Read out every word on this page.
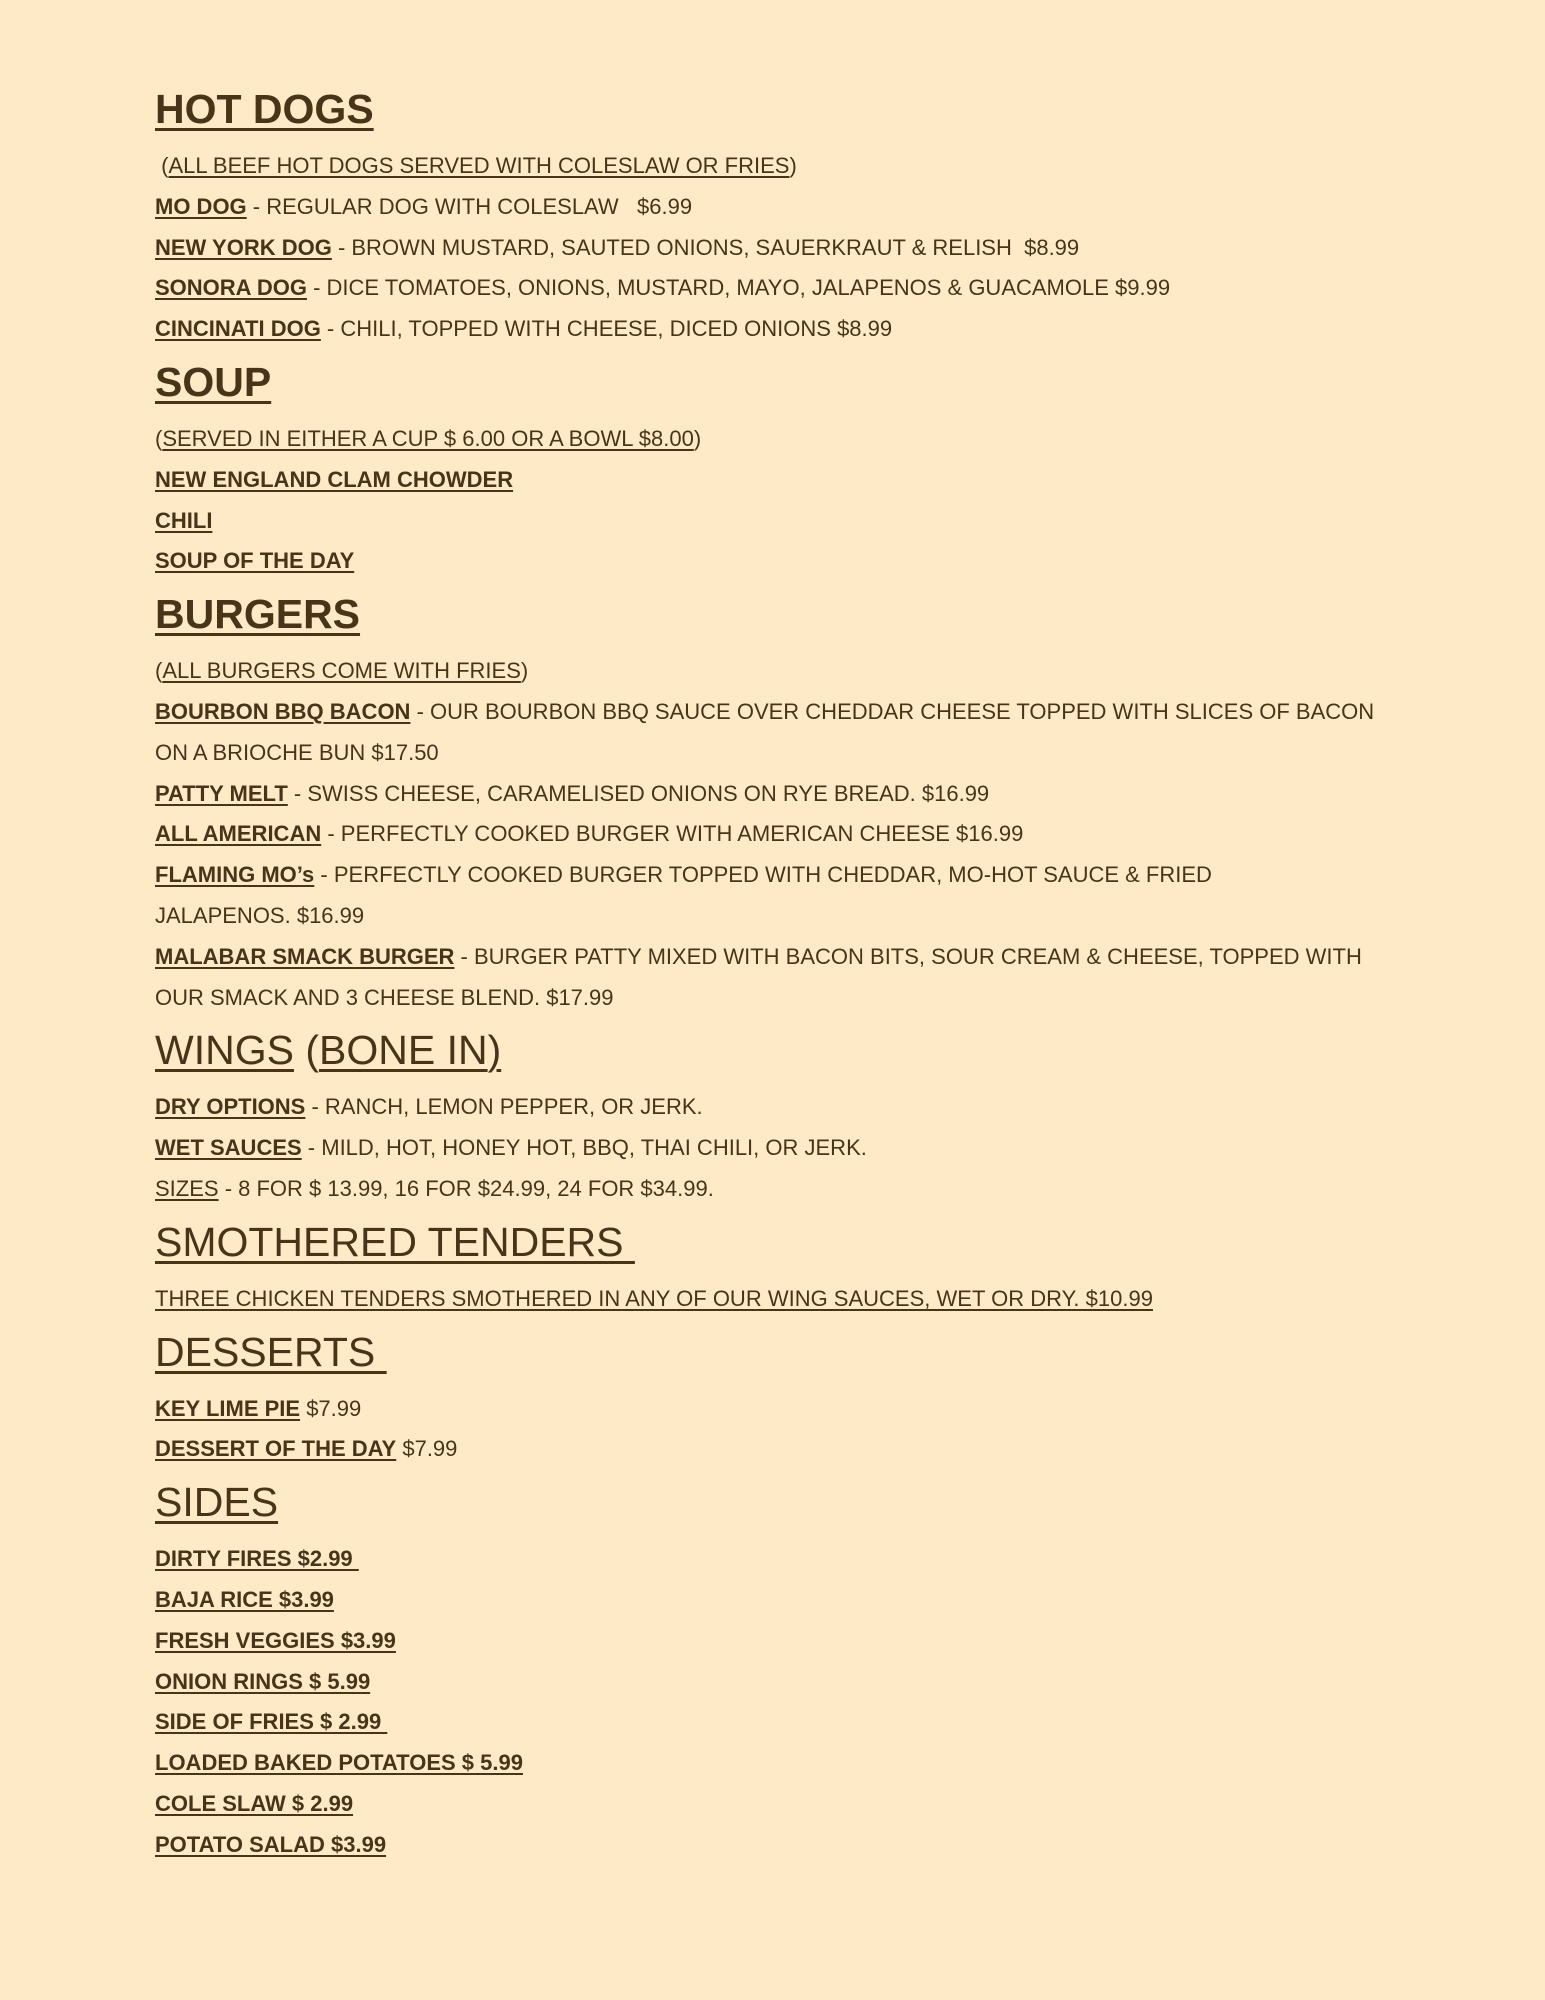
HOT DOGS

(ALL BEEF HOT DOGS SERVED WITH COLESLAW OR FRIES)

MO DOG - REGULAR DOG WITH COLESLAW   $6.99

NEW YORK DOG - BROWN MUSTARD, SAUTED ONIONS, SAUERKRAUT & RELISH  $8.99

SONORA DOG - DICE TOMATOES, ONIONS, MUSTARD, MAYO, JALAPENOS & GUACAMOLE $9.99

CINCINATI DOG - CHILI, TOPPED WITH CHEESE, DICED ONIONS $8.99

SOUP

(SERVED IN EITHER A CUP $ 6.00 OR A BOWL $8.00)

NEW ENGLAND CLAM CHOWDER

CHILI

SOUP OF THE DAY

BURGERS

(ALL BURGERS COME WITH FRIES)

BOURBON BBQ BACON - OUR BOURBON BBQ SAUCE OVER CHEDDAR CHEESE TOPPED WITH SLICES OF BACON ON A BRIOCHE BUN $17.50

PATTY MELT - SWISS CHEESE, CARAMELISED ONIONS ON RYE BREAD. $16.99

ALL AMERICAN - PERFECTLY COOKED BURGER WITH AMERICAN CHEESE $16.99

FLAMING MO’s - PERFECTLY COOKED BURGER TOPPED WITH CHEDDAR, MO-HOT SAUCE & FRIED JALAPENOS. $16.99

MALABAR SMACK BURGER - BURGER PATTY MIXED WITH BACON BITS, SOUR CREAM & CHEESE, TOPPED WITH OUR SMACK AND 3 CHEESE BLEND. $17.99

WINGS (BONE IN)

DRY OPTIONS - RANCH, LEMON PEPPER, OR JERK.

WET SAUCES - MILD, HOT, HONEY HOT, BBQ, THAI CHILI, OR JERK.

SIZES - 8 FOR $ 13.99, 16 FOR $24.99, 24 FOR $34.99.

SMOTHERED TENDERS

THREE CHICKEN TENDERS SMOTHERED IN ANY OF OUR WING SAUCES, WET OR DRY. $10.99

DESSERTS

KEY LIME PIE $7.99

DESSERT OF THE DAY $7.99

SIDES

DIRTY FIRES $2.99

BAJA RICE $3.99

FRESH VEGGIES $3.99

ONION RINGS $ 5.99

SIDE OF FRIES $ 2.99

LOADED BAKED POTATOES $ 5.99

COLE SLAW $ 2.99

POTATO SALAD $3.99
